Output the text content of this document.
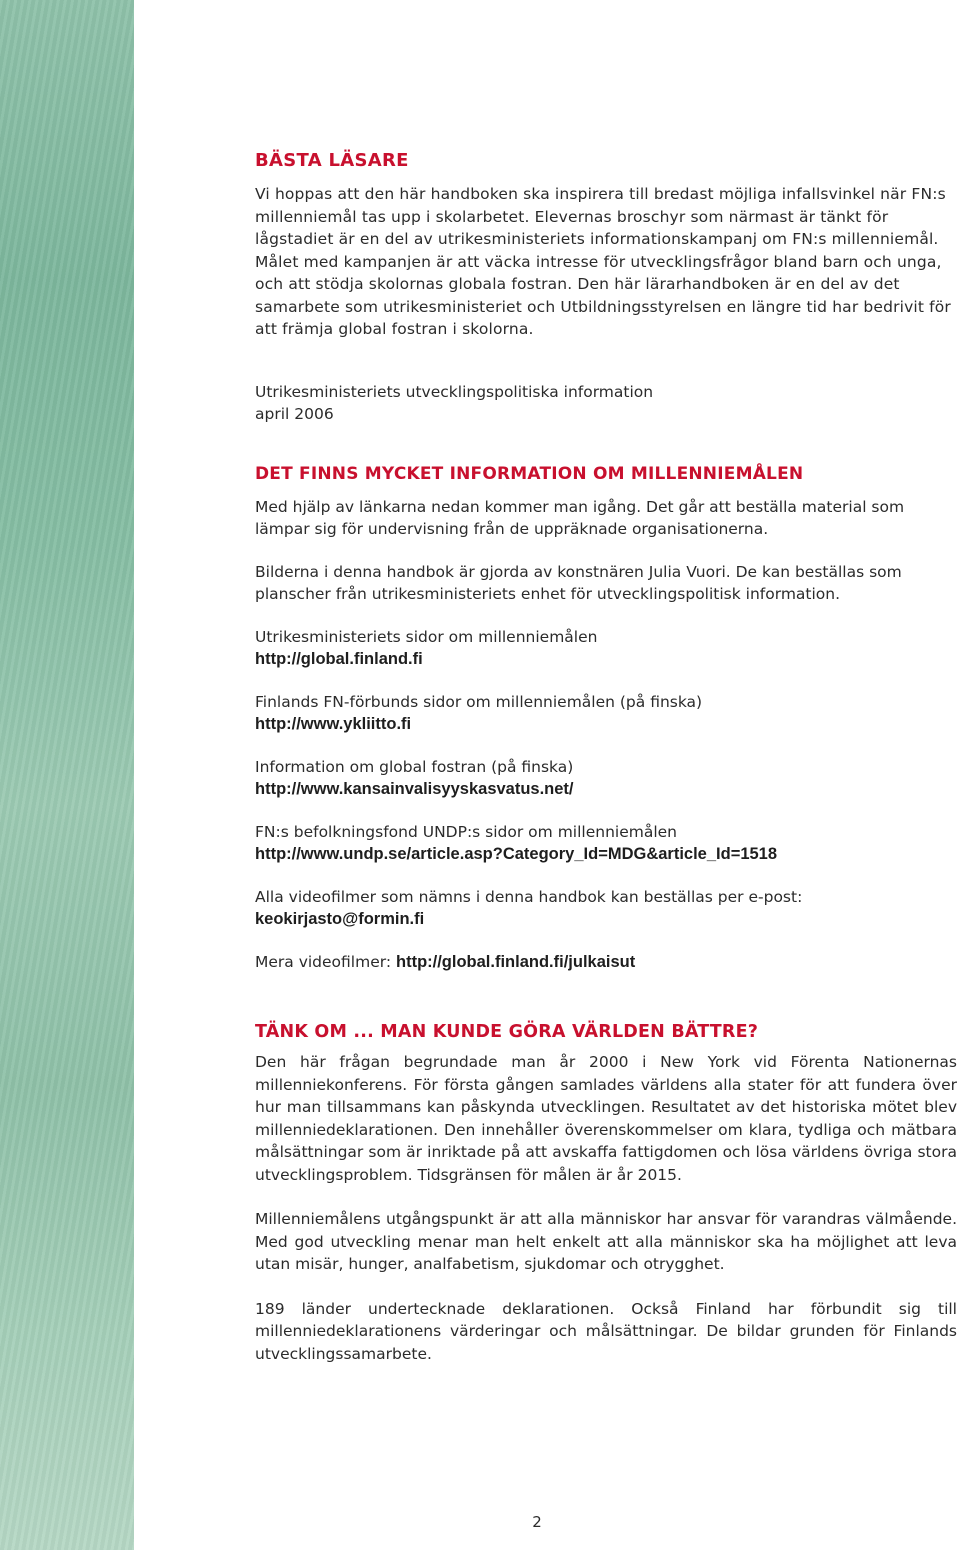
BÄSTA LÄSARE

Vi hoppas att den här handboken ska inspirera till bredast möjliga infallsvinkel när FN:s millenniemål tas upp i skolarbetet. Elevernas broschyr som närmast är tänkt för lågstadiet är en del av utrikesministeriets informationskampanj om FN:s millenniemål. Målet med kampanjen är att väcka intresse för utvecklingsfrågor bland barn och unga, och att stödja skolornas globala fostran. Den här lärarhandboken är en del av det samarbete som utrikesministeriet och Utbildningsstyrelsen en längre tid har bedrivit för att främja global fostran i skolorna.

Utrikesministeriets utvecklingspolitiska information

april 2006

DET FINNS MYCKET INFORMATION OM MILLENNIEMÅLEN

Med hjälp av länkarna nedan kommer man igång. Det går att beställa material som lämpar sig för undervisning från de uppräknade organisationerna.

Bilderna i denna handbok är gjorda av konstnären Julia Vuori. De kan beställas som planscher från utrikesministeriets enhet för utvecklingspolitisk information.

Utrikesministeriets sidor om millenniemålen

http://global.finland.fi

Finlands FN-förbunds sidor om millenniemålen (på finska)

http://www.ykliitto.fi

Information om global fostran (på finska)

http://www.kansainvalisyyskasvatus.net/

FN:s befolkningsfond UNDP:s sidor om millenniemålen

http://www.undp.se/article.asp?Category_Id=MDG&article_Id=1518

Alla videofilmer som nämns i denna handbok kan beställas per e-post:

keokirjasto@formin.fi

Mera videofilmer: http://global.finland.fi/julkaisut

TÄNK OM ... MAN KUNDE GÖRA VÄRLDEN BÄTTRE?

Den här frågan begrundade man år 2000 i New York vid Förenta Nationernas millenniekonferens. För första gången samlades världens alla stater för att fundera över hur man tillsammans kan påskynda utvecklingen. Resultatet av det historiska mötet blev millenniedeklarationen. Den innehåller överenskommelser om klara, tydliga och mätbara målsättningar som är inriktade på att avskaffa fattigdomen och lösa världens övriga stora utvecklingsproblem. Tidsgränsen för målen är år 2015.

Millenniemålens utgångspunkt är att alla människor har ansvar för varandras välmående. Med god utveckling menar man helt enkelt att alla människor ska ha möjlighet att leva utan misär, hunger, analfabetism, sjukdomar och otrygghet.

189 länder undertecknade deklarationen. Också Finland har förbundit sig till millenniedeklarationens värderingar och målsättningar. De bildar grunden för Finlands utvecklingssamarbete.

2
